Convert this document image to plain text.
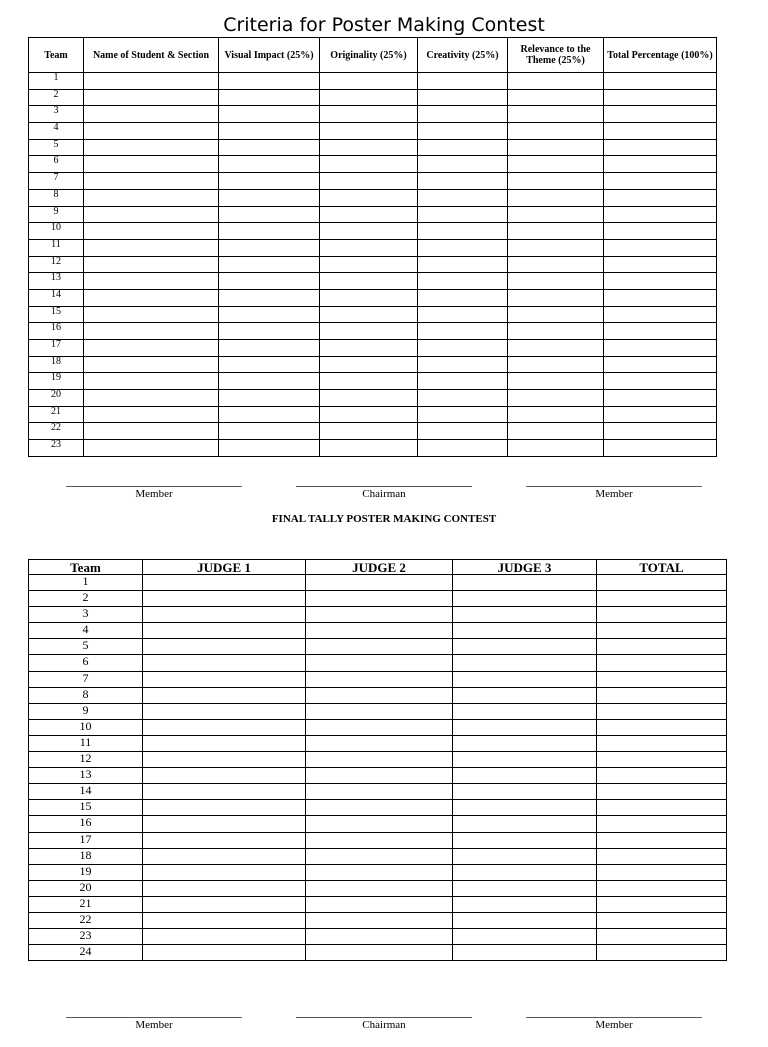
Criteria for Poster Making Contest
Team	Name of Student & Section	Visual Impact (25%)	Originality (25%)	Creativity (25%)	Relevance to the Theme (25%)	Total Percentage (100%)
1						
2						
3						
4						
5						
6						
7						
8						
9						
10						
11						
12						
13						
14						
15						
16						
17						
18						
19						
20						
21						
22						
23						
Member	Chairman	Member
FINAL TALLY POSTER MAKING CONTEST
Team	JUDGE 1	JUDGE 2	JUDGE 3	TOTAL
1				
2				
3				
4				
5				
6				
7				
8				
9				
10				
11				
12				
13				
14				
15				
16				
17				
18				
19				
20				
21				
22				
23				
24				
Member	Chairman	Member
